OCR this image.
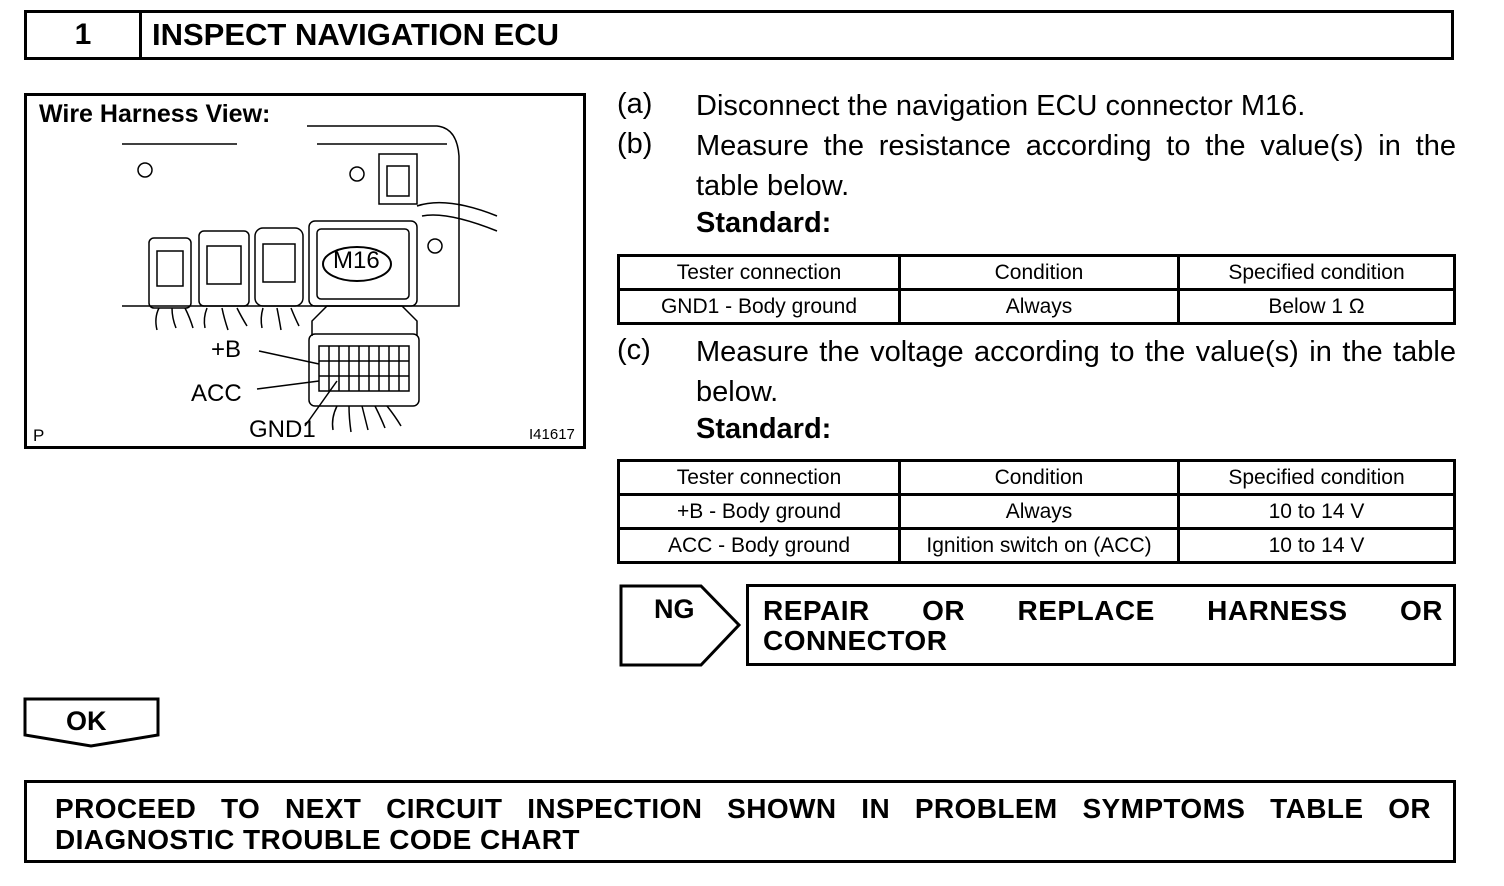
1	INSPECT NAVIGATION ECU
Wire Harness View:
M16
+B
ACC
GND1
P	I41617
(a) Disconnect the navigation ECU connector M16.
(b) Measure the resistance according to the value(s) in the table below.
Standard:
Tester connection	Condition	Specified condition
GND1 - Body ground	Always	Below 1 Ω
(c) Measure the voltage according to the value(s) in the table below.
Standard:
Tester connection	Condition	Specified condition
+B - Body ground	Always	10 to 14 V
ACC - Body ground	Ignition switch on (ACC)	10 to 14 V
NG REPAIR OR REPLACE HARNESS OR
CONNECTOR
OK
PROCEED TO NEXT CIRCUIT INSPECTION SHOWN IN PROBLEM SYMPTOMS TABLE OR
DIAGNOSTIC TROUBLE CODE CHART
